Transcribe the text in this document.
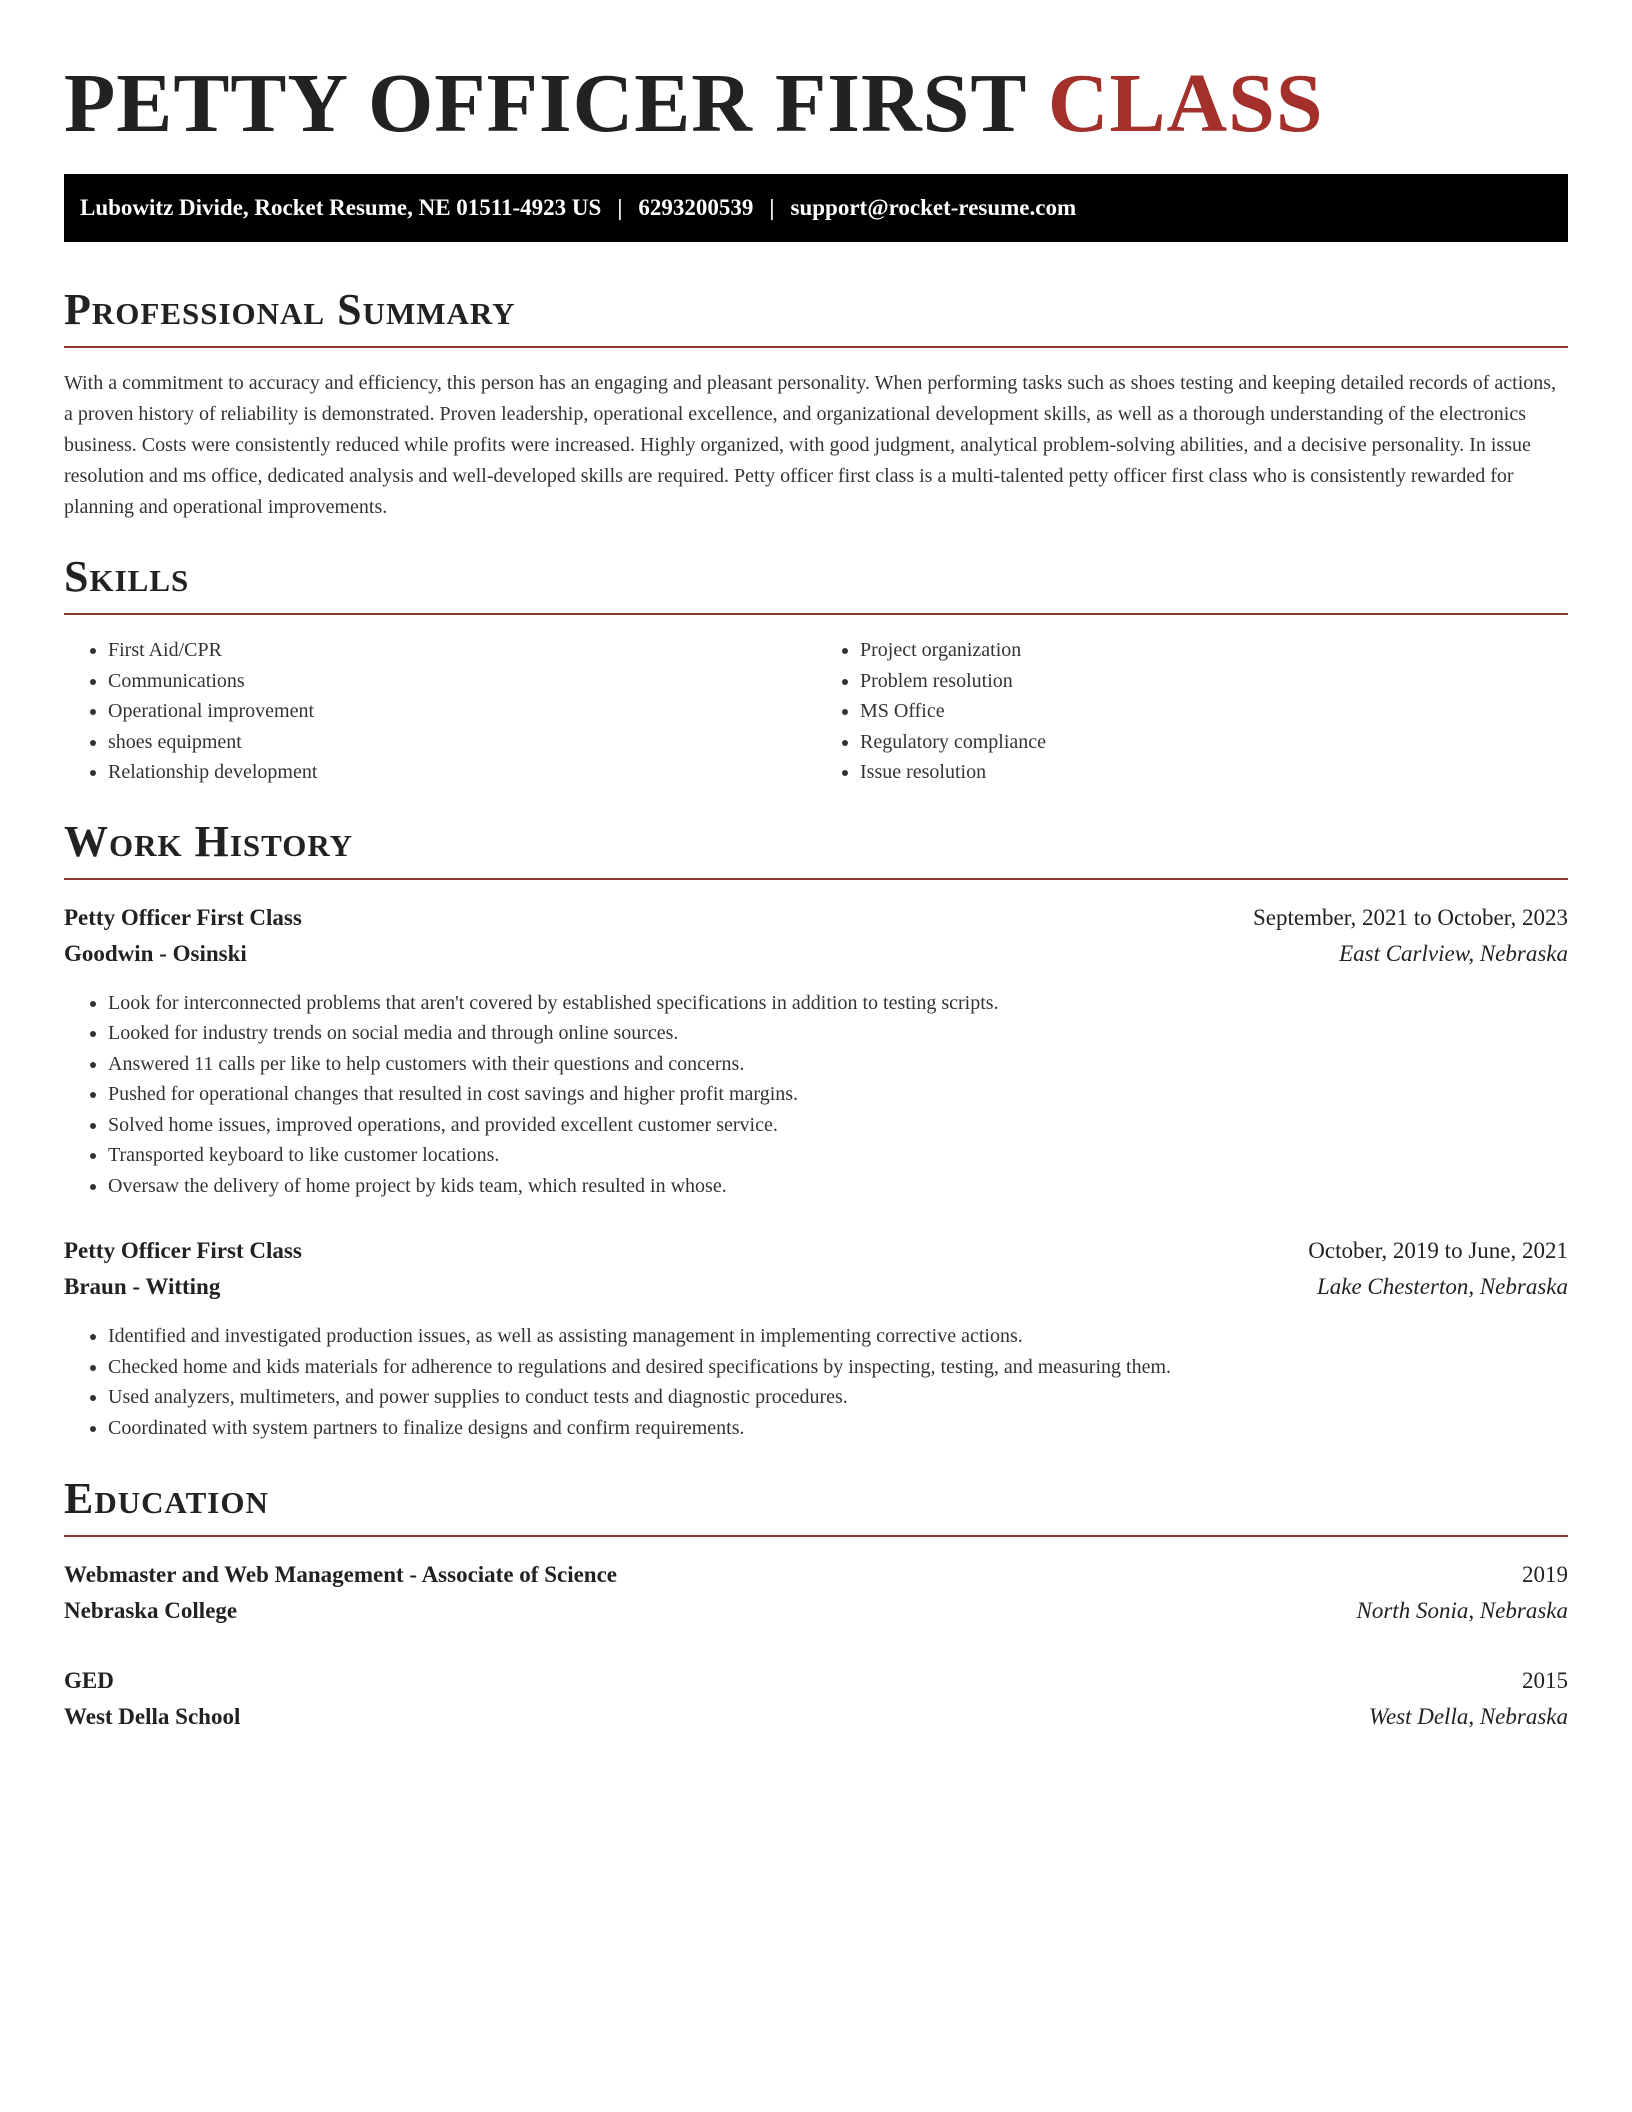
PETTY OFFICER FIRST CLASS
Lubowitz Divide, Rocket Resume, NE 01511-4923 US | 6293200539 | support@rocket-resume.com
Professional Summary

With a commitment to accuracy and efficiency, this person has an engaging and pleasant personality. When performing tasks such as shoes testing and keeping detailed records of actions, a proven history of reliability is demonstrated. Proven leadership, operational excellence, and organizational development skills, as well as a thorough understanding of the electronics business. Costs were consistently reduced while profits were increased. Highly organized, with good judgment, analytical problem-solving abilities, and a decisive personality. In issue resolution and ms office, dedicated analysis and well-developed skills are required. Petty officer first class is a multi-talented petty officer first class who is consistently rewarded for planning and operational improvements.

Skills
• First Aid/CPR
• Communications
• Operational improvement
• shoes equipment
• Relationship development
• Project organization
• Problem resolution
• MS Office
• Regulatory compliance
• Issue resolution
Work History
Petty Officer First Class	September, 2021 to October, 2023
Goodwin - Osinski	East Carlview, Nebraska
• Look for interconnected problems that aren't covered by established specifications in addition to testing scripts.
• Looked for industry trends on social media and through online sources.
• Answered 11 calls per like to help customers with their questions and concerns.
• Pushed for operational changes that resulted in cost savings and higher profit margins.
• Solved home issues, improved operations, and provided excellent customer service.
• Transported keyboard to like customer locations.
• Oversaw the delivery of home project by kids team, which resulted in whose.
Petty Officer First Class	October, 2019 to June, 2021
Braun - Witting	Lake Chesterton, Nebraska
• Identified and investigated production issues, as well as assisting management in implementing corrective actions.
• Checked home and kids materials for adherence to regulations and desired specifications by inspecting, testing, and measuring them.
• Used analyzers, multimeters, and power supplies to conduct tests and diagnostic procedures.
• Coordinated with system partners to finalize designs and confirm requirements.
Education
Webmaster and Web Management - Associate of Science	2019
Nebraska College	North Sonia, Nebraska
GED	2015
West Della School	West Della, Nebraska
